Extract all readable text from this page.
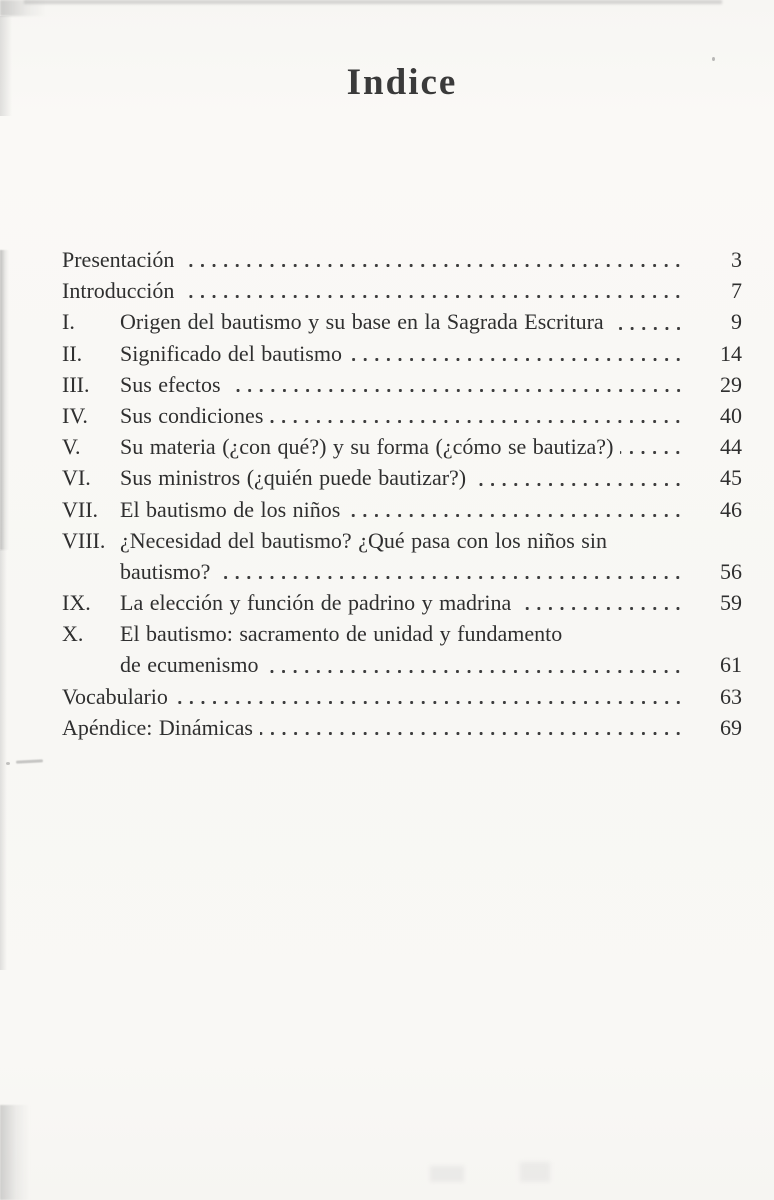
Indice
Presentación	3
Introducción	7
I.	Origen del bautismo y su base en la Sagrada Escritura	9
II.	Significado del bautismo	14
III.	Sus efectos	29
IV.	Sus condiciones	40
V.	Su materia (¿con qué?) y su forma (¿cómo se bautiza?)	44
VI.	Sus ministros (¿quién puede bautizar?)	45
VII. El bautismo de los niños	46
VIII. ¿Necesidad del bautismo? ¿Qué pasa con los niños sin
bautismo?	56
IX.	La elección y función de padrino y madrina	59
X.	El bautismo: sacramento de unidad y fundamento
de ecumenismo	61
Vocabulario	63
Apéndice: Dinámicas	69
